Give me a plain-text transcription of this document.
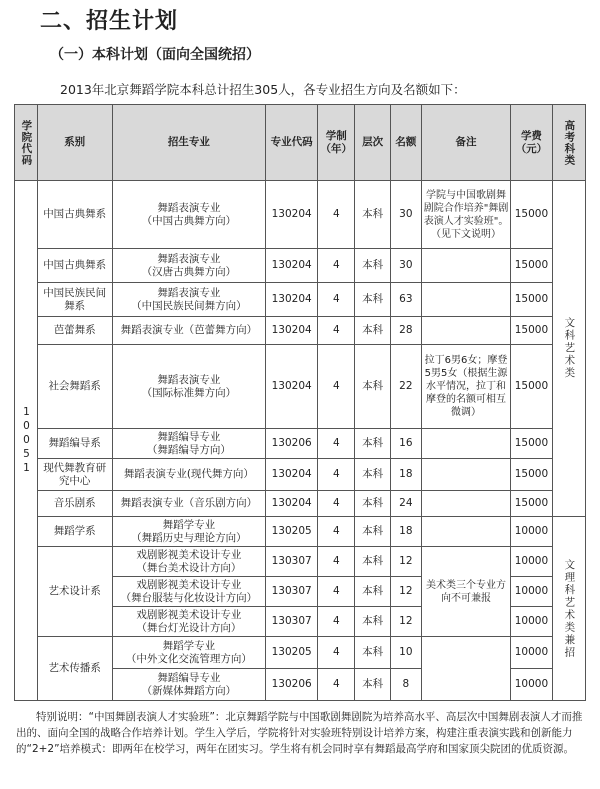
二、招生计划
（一）本科计划（面向全国统招）
2013年北京舞蹈学院本科总计招生305人，各专业招生方向及名额如下：
学院代码	系别	招生专业	专业代码	学制（年）	层次	名额	备注	学费（元）	高考科类
10051	中国古典舞系	舞蹈表演专业
（中国古典舞方向）	130204	4	本科	30	学院与中国歌剧舞剧院合作培养"舞剧表演人才实验班"。（见下文说明）	15000	文科艺术类
	中国古典舞系	舞蹈表演专业
（汉唐古典舞方向）	130204	4	本科	30		15000	
	中国民族民间舞系	舞蹈表演专业
（中国民族民间舞方向）	130204	4	本科	63		15000	
	芭蕾舞系	舞蹈表演专业（芭蕾舞方向）	130204	4	本科	28		15000	
	社会舞蹈系	舞蹈表演专业
（国际标准舞方向）	130204	4	本科	22	拉丁6男6女；摩登5男5女（根据生源水平情况，拉丁和摩登的名额可相互微调）	15000	
	舞蹈编导系	舞蹈编导专业
（舞蹈编导方向）	130206	4	本科	16		15000	
	现代舞教育研究中心	舞蹈表演专业(现代舞方向）	130204	4	本科	18		15000	
	音乐剧系	舞蹈表演专业（音乐剧方向）	130204	4	本科	24		15000	
	舞蹈学系	舞蹈学专业
（舞蹈历史与理论方向）	130205	4	本科	18		10000	文理科艺术类兼招
	艺术设计系	戏剧影视美术设计专业
（舞台美术设计方向）	130307	4	本科	12	美术类三个专业方向不可兼报	10000	

		戏剧影视美术设计专业
（舞台服装与化妆设计方向）	130307	4	本科	12		10000	

		戏剧影视美术设计专业
（舞台灯光设计方向）	130307	4	本科	12		10000	
	艺术传播系	舞蹈学专业
（中外文化交流管理方向）	130205	4	本科	10		10000	

		舞蹈编导专业
（新媒体舞蹈方向）	130206	4	本科	8		10000	
特别说明：“中国舞剧表演人才实验班”：北京舞蹈学院与中国歌剧舞剧院为培养高水平、高层次中国舞剧表演人才而推出的、面向全国的战略合作培养计划。学生入学后，学院将针对实验班特别设计培养方案，构建注重表演实践和创新能力的“2+2”培养模式：即两年在校学习，两年在团实习。学生将有机会同时享有舞蹈最高学府和国家顶尖院团的优质资源。
